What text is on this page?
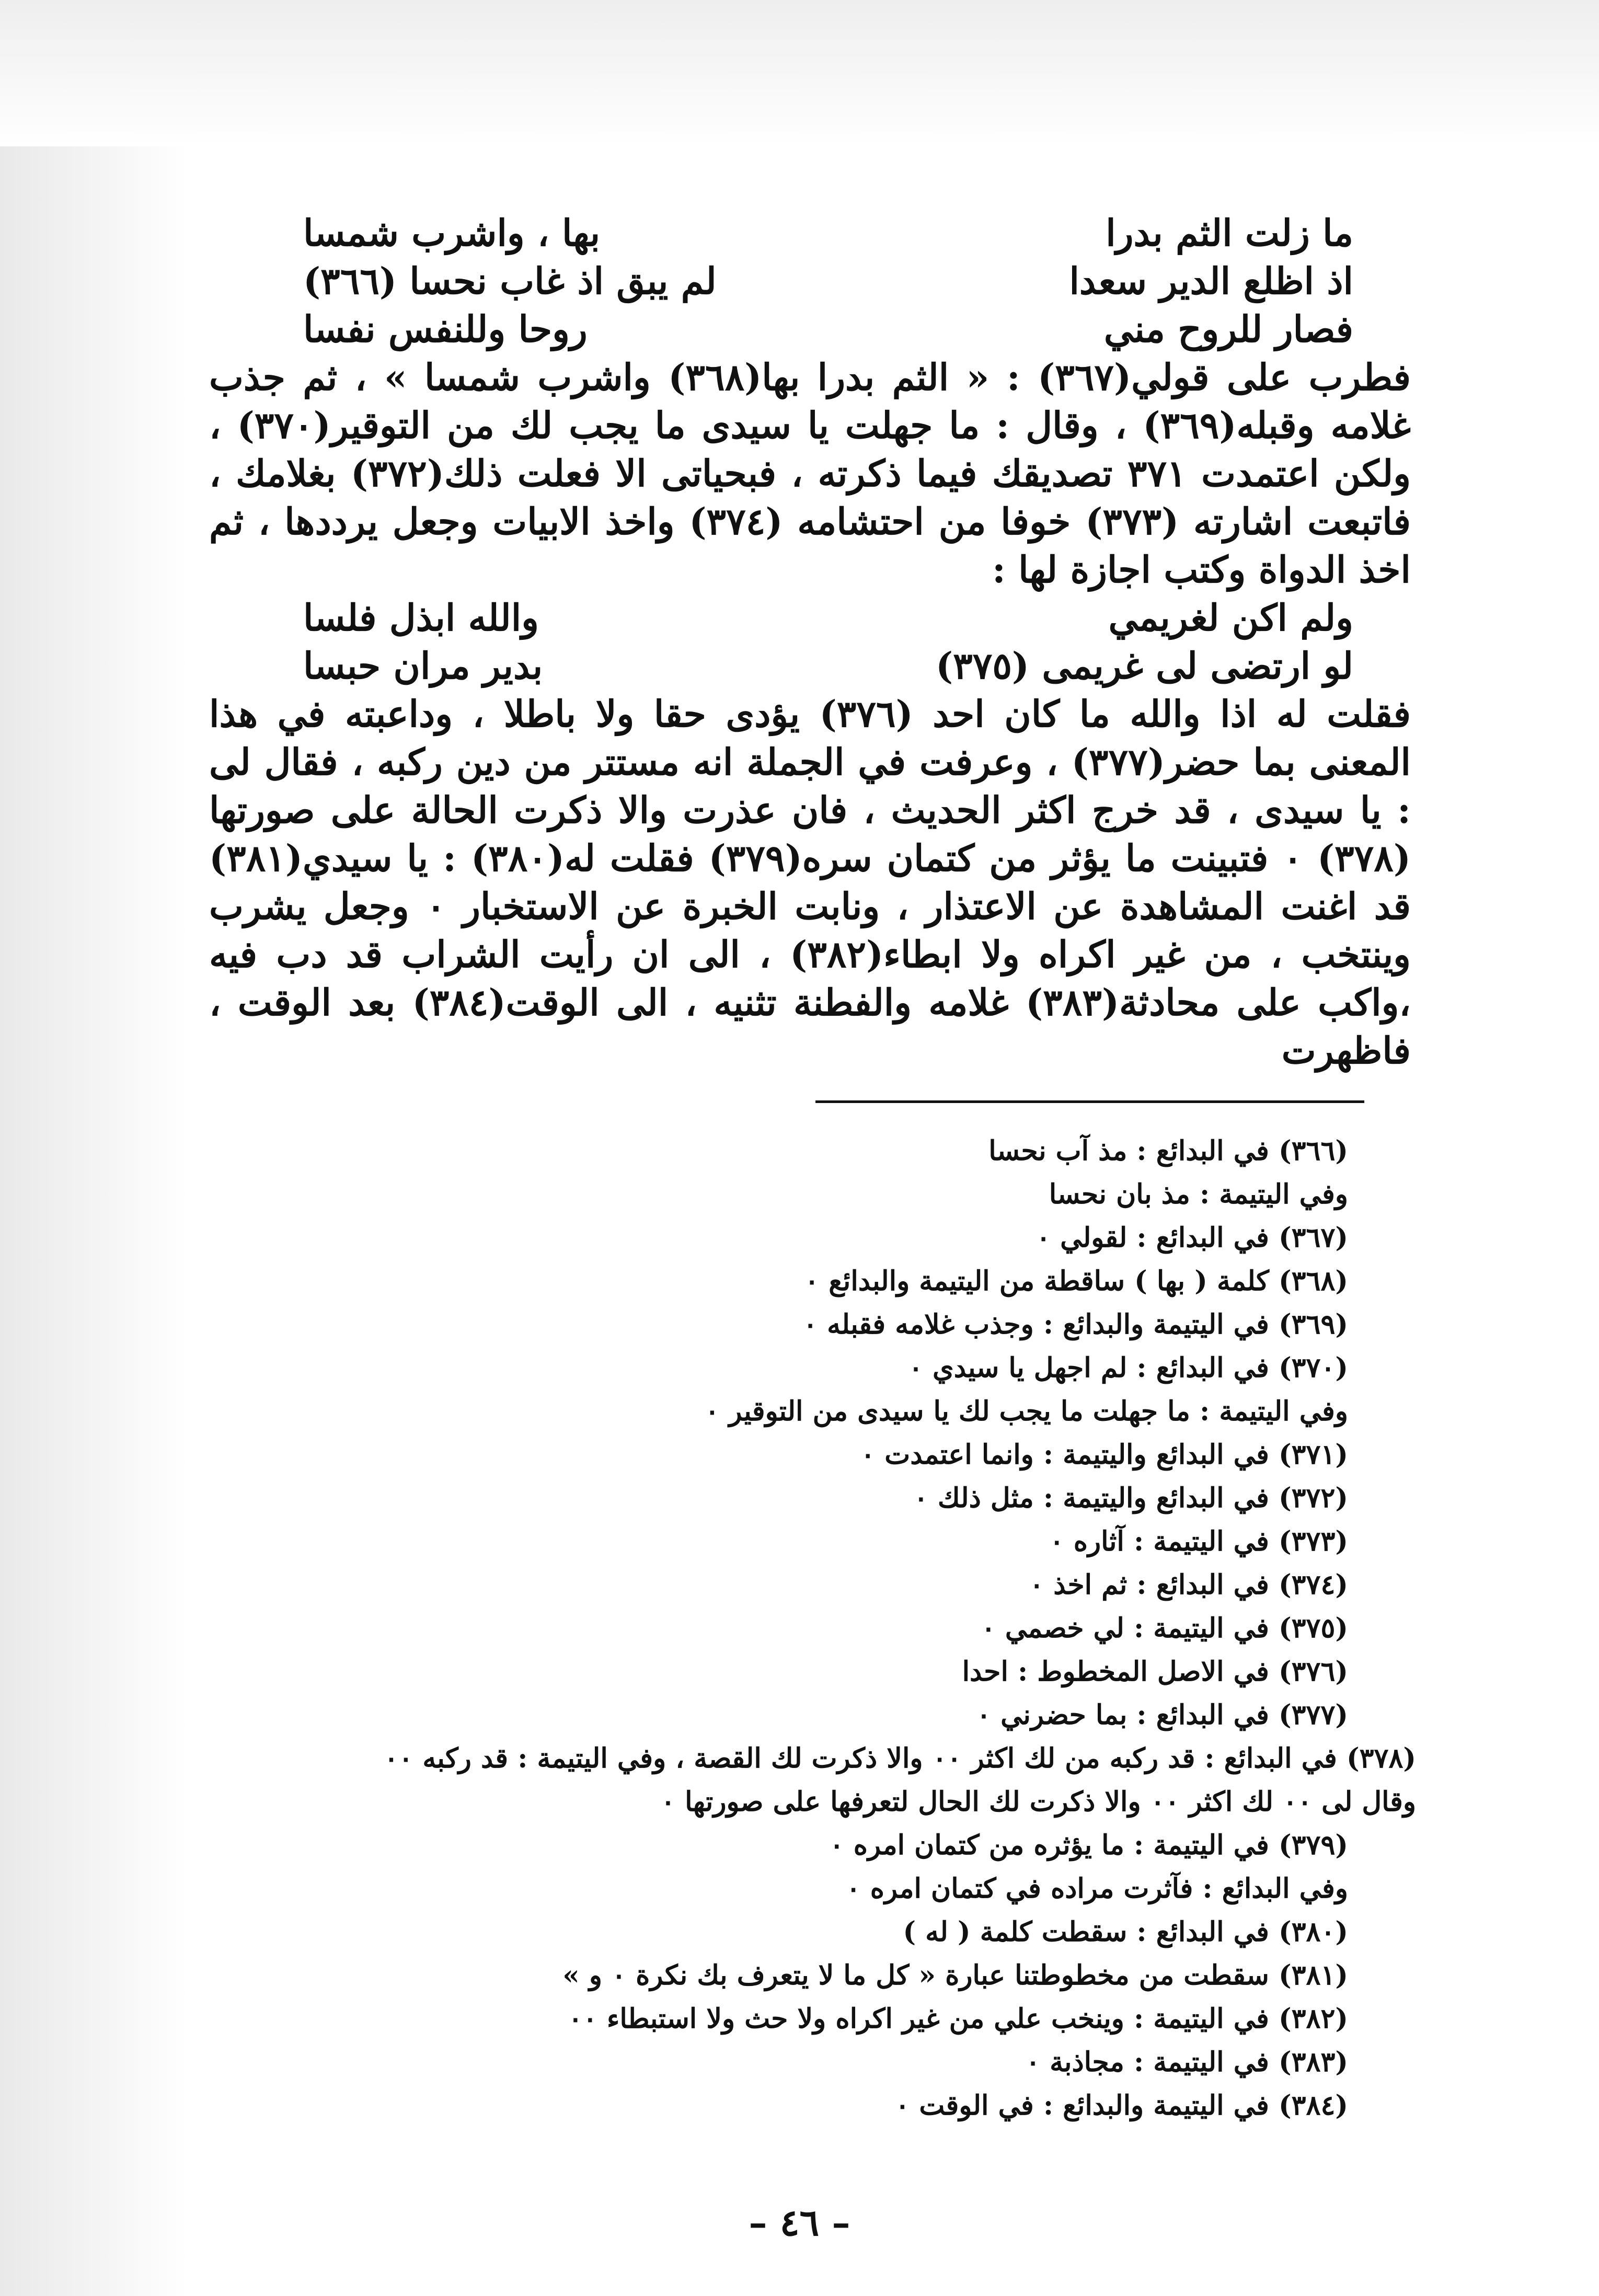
ما زلت الثم بدرا
بها ، واشرب شمسا
اذ اظلع الدير سعدا
لم يبق اذ غاب نحسا (٣٦٦)
فصار للروح مني
روحا وللنفس نفسا

فطرب على قولي(٣٦٧) : « الثم بدرا بها(٣٦٨) واشرب شمسا » ، ثم جذب غلامه وقبله(٣٦٩) ، وقال : ما جهلت يا سيدى ما يجب لك من التوقير(٣٧٠) ، ولكن اعتمدت ٣٧١ تصديقك فيما ذكرته ، فبحياتى الا فعلت ذلك(٣٧٢) بغلامك ، فاتبعت اشارته (٣٧٣) خوفا من احتشامه (٣٧٤) واخذ الابيات وجعل يرددها ، ثم اخذ الدواة وكتب اجازة لها :

ولم اكن لغريمي
والله ابذل فلسا
لو ارتضى لى غريمى (٣٧٥)
بدير مران حبسا

فقلت له اذا والله ما كان احد (٣٧٦) يؤدى حقا ولا باطلا ، وداعبته في هذا المعنى بما حضر(٣٧٧) ، وعرفت في الجملة انه مستتر من دين ركبه ، فقال لى : يا سيدى ، قد خرج اكثر الحديث ، فان عذرت والا ذكرت الحالة على صورتها (٣٧٨) ٠ فتبينت ما يؤثر من كتمان سره(٣٧٩) فقلت له(٣٨٠) : يا سيدي(٣٨١) قد اغنت المشاهدة عن الاعتذار ، ونابت الخبرة عن الاستخبار ٠ وجعل يشرب وينتخب ، من غير اكراه ولا ابطاء(٣٨٢) ، الى ان رأيت الشراب قد دب فيه ،واكب على محادثة(٣٨٣) غلامه والفطنة تثنيه ، الى الوقت(٣٨٤) بعد الوقت ، فاظهرت

(٣٦٦) في البدائع : مذ آب نحسا
وفي اليتيمة : مذ بان نحسا
(٣٦٧) في البدائع : لقولي ٠
(٣٦٨) كلمة ( بها ) ساقطة من اليتيمة والبدائع ٠
(٣٦٩) في اليتيمة والبدائع : وجذب غلامه فقبله ٠
(٣٧٠) في البدائع : لم اجهل يا سيدي ٠
وفي اليتيمة : ما جهلت ما يجب لك يا سيدى من التوقير ٠
(٣٧١) في البدائع واليتيمة : وانما اعتمدت ٠
(٣٧٢) في البدائع واليتيمة : مثل ذلك ٠
(٣٧٣) في اليتيمة : آثاره ٠
(٣٧٤) في البدائع : ثم اخذ ٠
(٣٧٥) في اليتيمة : لي خصمي ٠
(٣٧٦) في الاصل المخطوط : احدا
(٣٧٧) في البدائع : بما حضرني ٠
(٣٧٨) في البدائع : قد ركبه من لك اكثر ٠٠ والا ذكرت لك القصة ، وفي اليتيمة : قد ركبه ٠٠
وقال لى ٠٠ لك اكثر ٠٠ والا ذكرت لك الحال لتعرفها على صورتها ٠
(٣٧٩) في اليتيمة : ما يؤثره من كتمان امره ٠
وفي البدائع : فآثرت مراده في كتمان امره ٠
(٣٨٠) في البدائع : سقطت كلمة ( له )
(٣٨١) سقطت من مخطوطتنا عبارة « كل ما لا يتعرف بك نكرة ٠ و »
(٣٨٢) في اليتيمة : وينخب علي من غير اكراه ولا حث ولا استبطاء ٠٠
(٣٨٣) في اليتيمة : مجاذبة ٠
(٣٨٤) في اليتيمة والبدائع : في الوقت ٠
– ٤٦ –
